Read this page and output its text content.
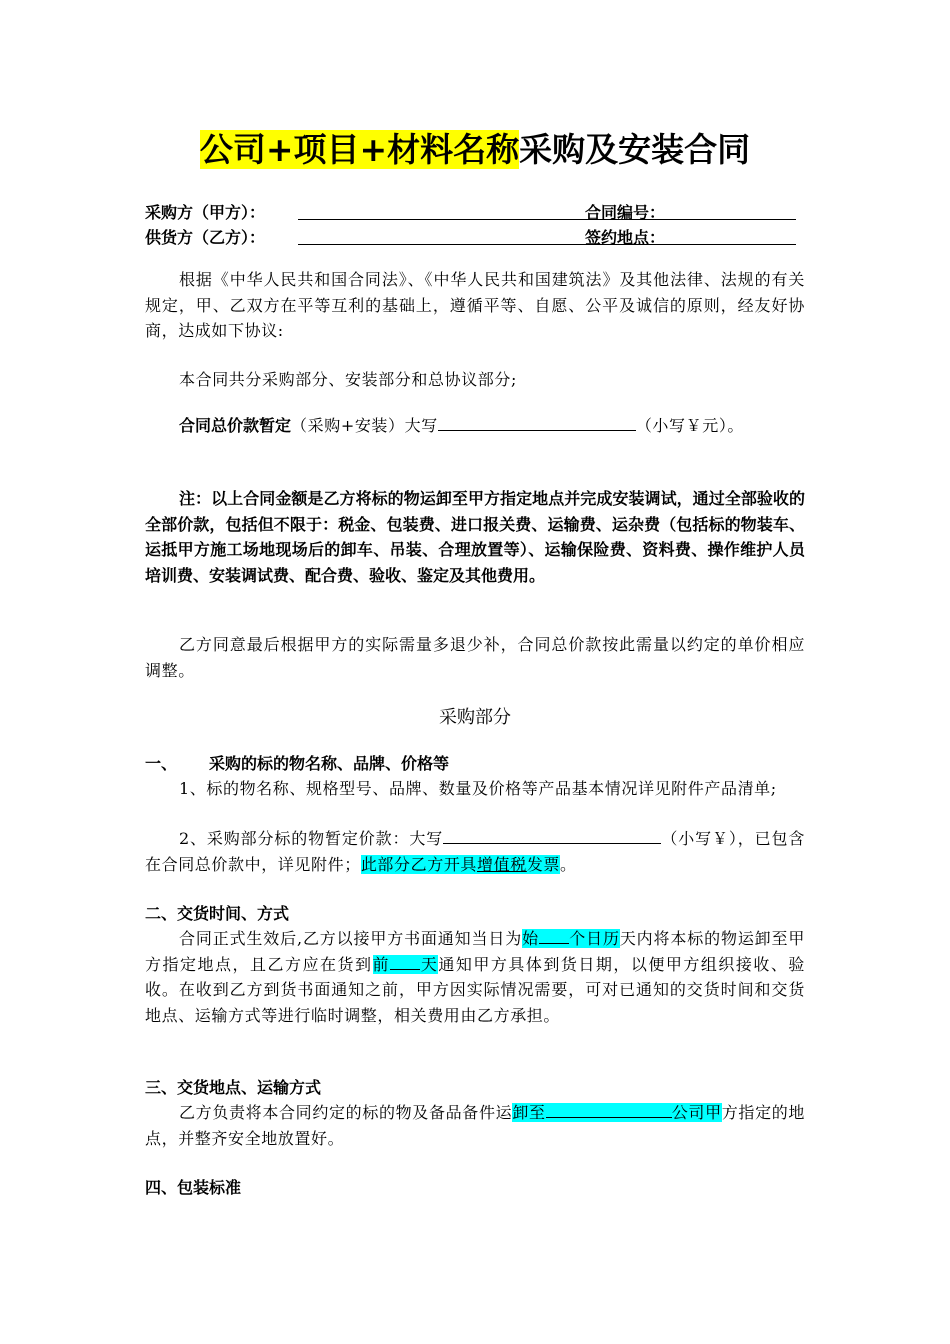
公司+项目+材料名称采购及安装合同
采购方（甲方）：	合同编号：
供货方（乙方）：	签约地点：
根据《中华人民共和国合同法》、《中华人民共和国建筑法》及其他法律、法规的有关规定，甲、乙双方在平等互利的基础上，遵循平等、自愿、公平及诚信的原则，经友好协商，达成如下协议:
本合同共分采购部分、安装部分和总协议部分;
合同总价款暂定（采购+安装）大写	（小写￥元）。
注：以上合同金额是乙方将标的物运卸至甲方指定地点并完成安装调试，通过全部验收的全部价款，包括但不限于：税金、包装费、进口报关费、运输费、运杂费（包括标的物装车、运抵甲方施工场地现场后的卸车、吊装、合理放置等）、运输保险费、资料费、操作维护人员培训费、安装调试费、配合费、验收、鉴定及其他费用。
乙方同意最后根据甲方的实际需量多退少补，合同总价款按此需量以约定的单价相应调整。
采购部分
一、 采购的标的物名称、品牌、价格等
1、标的物名称、规格型号、品牌、数量及价格等产品基本情况详见附件产品清单;
2、采购部分标的物暂定价款：大写	（小写￥），已包含在合同总价款中，详见附件；此部分乙方开具增值税发票。
二、交货时间、方式
合同正式生效后,乙方以接甲方书面通知当日为始 个日历天内将本标的物运卸至甲方指定地点，且乙方应在货到前 天通知甲方具体到货日期，以便甲方组织接收、验收。在收到乙方到货书面通知之前，甲方因实际情况需要，可对已通知的交货时间和交货地点、运输方式等进行临时调整，相关费用由乙方承担。
三、交货地点、运输方式
乙方负责将本合同约定的标的物及备品备件运卸至	公司甲方指定的地点，并整齐安全地放置好。
四、包装标准
